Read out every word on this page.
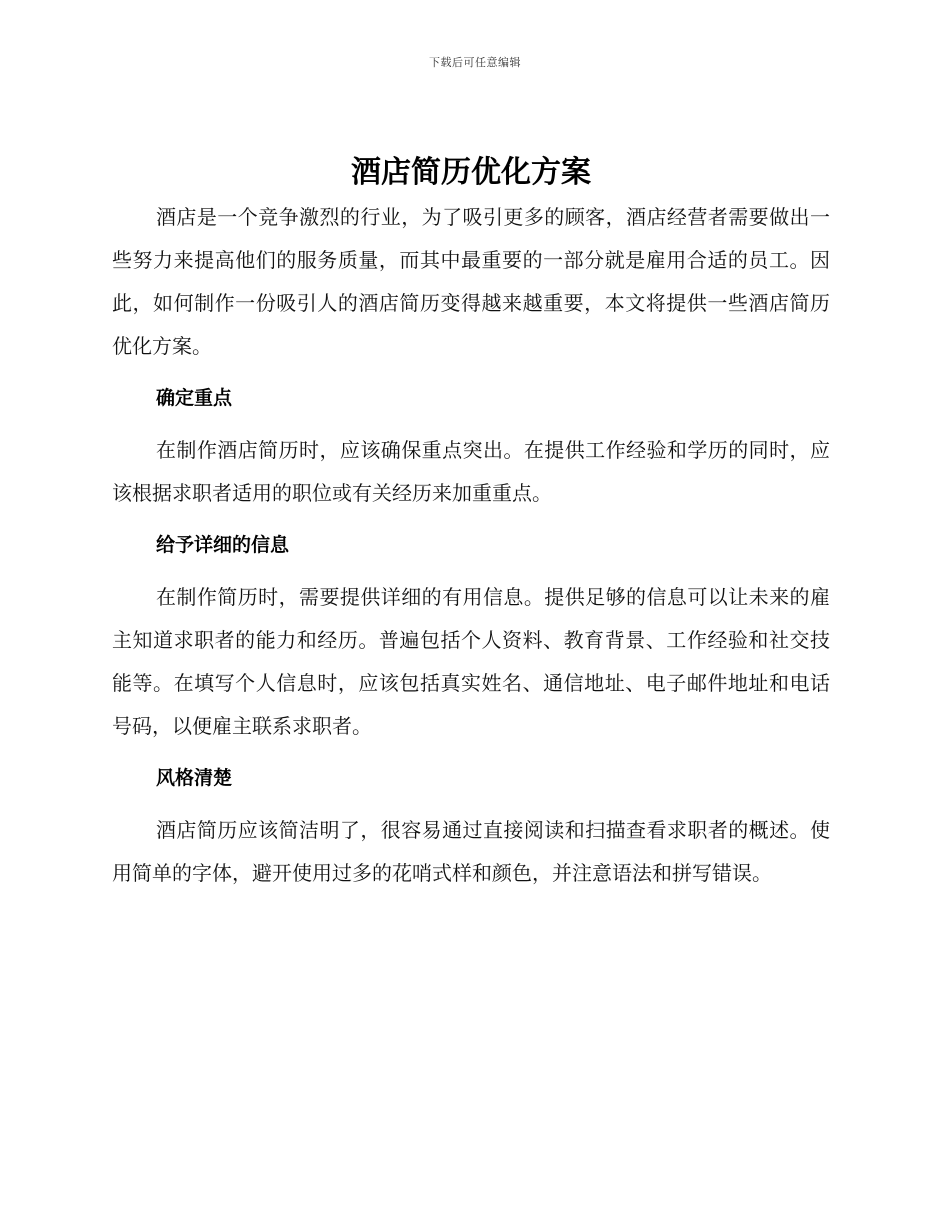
下载后可任意编辑
酒店简历优化方案

酒店是一个竞争激烈的行业，为了吸引更多的顾客，酒店经营者需要做出一些努力来提高他们的服务质量，而其中最重要的一部分就是雇用合适的员工。因此，如何制作一份吸引人的酒店简历变得越来越重要，本文将提供一些酒店简历优化方案。

确定重点

在制作酒店简历时，应该确保重点突出。在提供工作经验和学历的同时，应该根据求职者适用的职位或有关经历来加重重点。

给予详细的信息

在制作简历时，需要提供详细的有用信息。提供足够的信息可以让未来的雇主知道求职者的能力和经历。普遍包括个人资料、教育背景、工作经验和社交技能等。在填写个人信息时，应该包括真实姓名、通信地址、电子邮件地址和电话号码，以便雇主联系求职者。

风格清楚

酒店简历应该简洁明了，很容易通过直接阅读和扫描查看求职者的概述。使用简单的字体，避开使用过多的花哨式样和颜色，并注意语法和拼写错误。
